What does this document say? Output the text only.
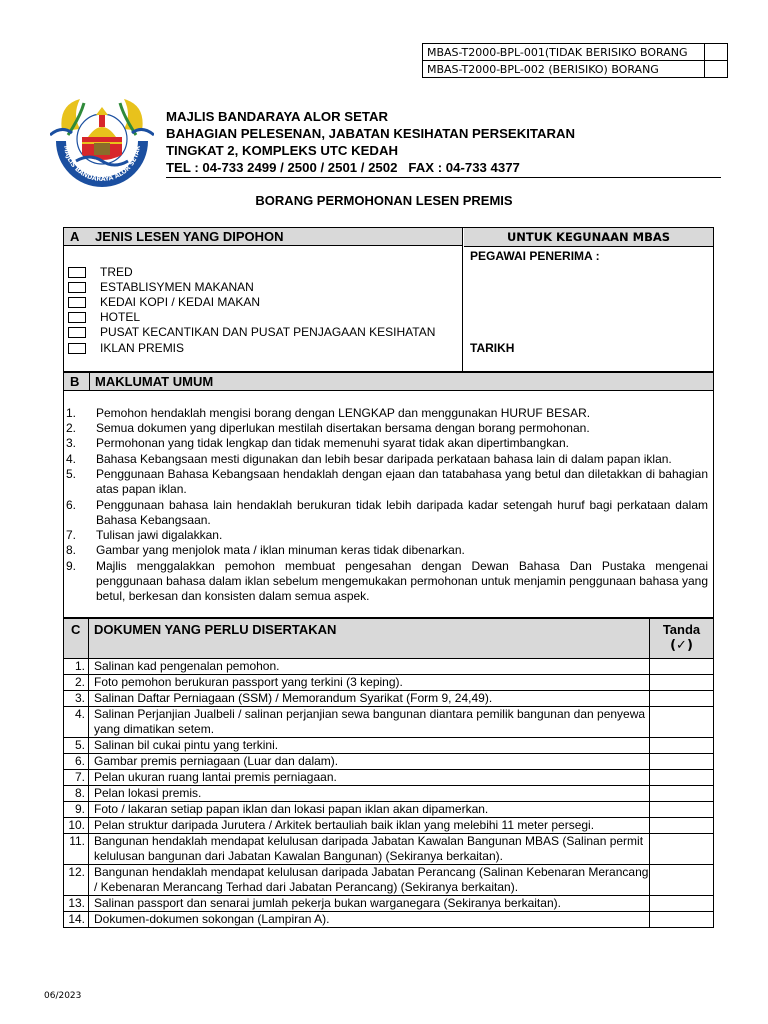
MBAS-T2000-BPL-001(TIDAK BERISIKO BORANG	
MBAS-T2000-BPL-002 (BERISIKO) BORANG	
MAJLIS BANDARAYA ALOR SETAR
MAJLIS BANDARAYA ALOR SETAR
BAHAGIAN PELESENAN, JABATAN KESIHATAN PERSEKITARAN
TINGKAT 2, KOMPLEKS UTC KEDAH
TEL : 04-733 2499 / 2500 / 2501 / 2502   FAX : 04-733 4377
BORANG PERMOHONAN LESEN PREMIS
A JENIS LESEN YANG DIPOHON
TRED
ESTABLISYMEN MAKANAN
KEDAI KOPI / KEDAI MAKAN
HOTEL
PUSAT KECANTIKAN DAN PUSAT PENJAGAAN KESIHATAN
IKLAN PREMIS
UNTUK KEGUNAAN MBAS
PEGAWAI PENERIMA :
TARIKH
B MAKLUMAT UMUM
1.	Pemohon hendaklah mengisi borang dengan LENGKAP dan menggunakan HURUF BESAR.
2.	Semua dokumen yang diperlukan mestilah disertakan bersama dengan borang permohonan.
3.	Permohonan yang tidak lengkap dan tidak memenuhi syarat tidak akan dipertimbangkan.
4.	Bahasa Kebangsaan mesti digunakan dan lebih besar daripada perkataan bahasa lain di dalam papan iklan.
5.	Penggunaan Bahasa Kebangsaan hendaklah dengan ejaan dan tatabahasa yang betul dan diletakkan di bahagian atas papan iklan.
6.	Penggunaan bahasa lain hendaklah berukuran tidak lebih daripada kadar setengah huruf bagi perkataan dalam Bahasa Kebangsaan.
7.	Tulisan jawi digalakkan.
8.	Gambar yang menjolok mata / iklan minuman keras tidak dibenarkan.
9.	Majlis menggalakkan pemohon membuat pengesahan dengan Dewan Bahasa Dan Pustaka mengenai penggunaan bahasa dalam iklan sebelum mengemukakan permohonan untuk menjamin penggunaan bahasa yang betul, berkesan dan konsisten dalam semua aspek.
C	DOKUMEN YANG PERLU DISERTAKAN	Tanda
(✓)

1.	Salinan kad pengenalan pemohon.	
2.	Foto pemohon berukuran passport yang terkini (3 keping).	
3.	Salinan Daftar Perniagaan (SSM) / Memorandum Syarikat (Form 9, 24,49).	
4.	Salinan Perjanjian Jualbeli / salinan perjanjian sewa bangunan diantara pemilik bangunan dan penyewa yang dimatikan setem.	
5.	Salinan bil cukai pintu yang terkini.	
6.	Gambar premis perniagaan (Luar dan dalam).	
7.	Pelan ukuran ruang lantai premis perniagaan.	
8.	Pelan lokasi premis.	
9.	Foto / lakaran setiap papan iklan dan lokasi papan iklan akan dipamerkan.	
10.	Pelan struktur daripada Jurutera / Arkitek bertauliah baik iklan yang melebihi 11 meter persegi.	
11.	Bangunan hendaklah mendapat kelulusan daripada Jabatan Kawalan Bangunan MBAS (Salinan permit kelulusan bangunan dari Jabatan Kawalan Bangunan) (Sekiranya berkaitan).	
12.	Bangunan hendaklah mendapat kelulusan daripada Jabatan Perancang (Salinan Kebenaran Merancang / Kebenaran Merancang Terhad dari Jabatan Perancang) (Sekiranya berkaitan).	
13.	Salinan passport dan senarai jumlah pekerja bukan warganegara (Sekiranya berkaitan).	
14.	Dokumen-dokumen sokongan (Lampiran A).	
06/2023
